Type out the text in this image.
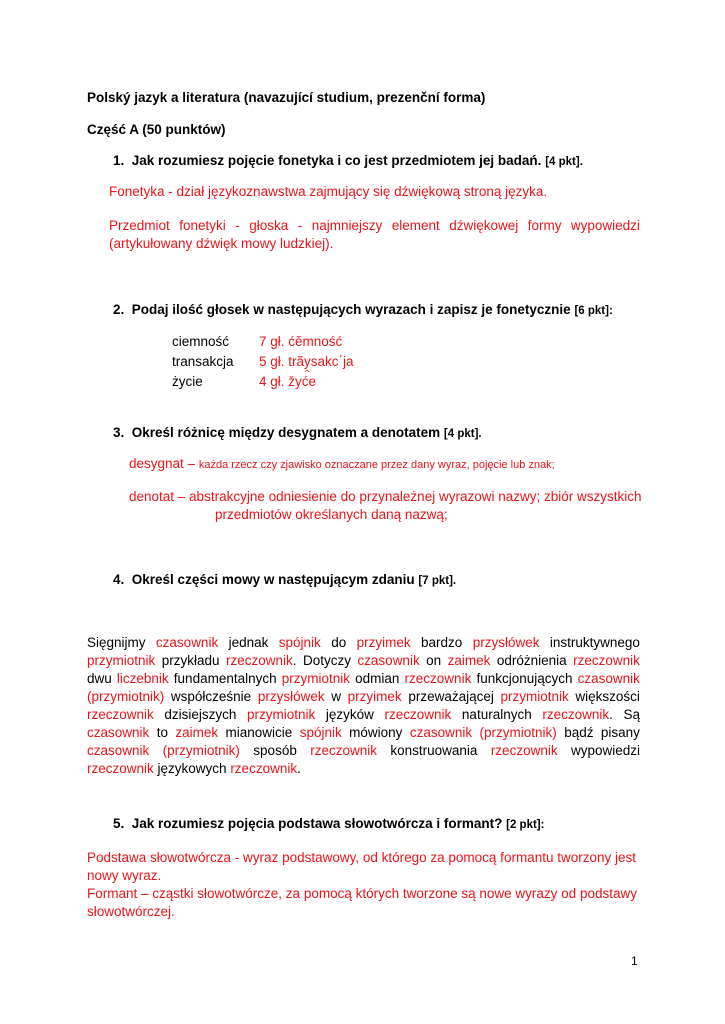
Polský jazyk a literatura (navazující studium, prezenční forma)
Część A (50 punktów)
1. Jak rozumiesz pojęcie fonetyka i co jest przedmiotem jej badań. [4 pkt].
Fonetyka - dział językoznawstwa zajmujący się dźwiękową stroną języka.
Przedmiot fonetyki - głoska - najmniejszy element dźwiękowej formy wypowiedzi
(artykułowany dźwięk mowy ludzkiej).
2. Podaj ilość głosek w następujących wyrazach i zapisz je fonetycznie [6 pkt]:
ciemność 7 gł. ćĕmność
transakcja 5 gł. trãy̯sakc΄ja
życie	4 gł. žyće
3. Określ różnicę między desygnatem a denotatem [4 pkt].
desygnat – każda rzecz czy zjawisko oznaczane przez dany wyraz, pojęcie lub znak;
denotat – abstrakcyjne odniesienie do przynależnej wyrazowi nazwy; zbiór wszystkich
przedmiotów określanych daną nazwą;
4. Określ części mowy w następującym zdaniu [7 pkt].
Sięgnijmy czasownik jednak spójnik do przyimek bardzo przysłówek instruktywnego
przymiotnik przykładu rzeczownik. Dotyczy czasownik on zaimek odróżnienia rzeczownik
dwu liczebnik fundamentalnych przymiotnik odmian rzeczownik funkcjonujących czasownik
(przymiotnik) współcześnie przysłówek w przyimek przeważającej przymiotnik większości
rzeczownik dzisiejszych przymiotnik języków rzeczownik naturalnych rzeczownik. Są
czasownik to zaimek mianowicie spójnik mówiony czasownik (przymiotnik) bądź pisany
czasownik (przymiotnik) sposób rzeczownik konstruowania rzeczownik wypowiedzi
rzeczownik językowych rzeczownik.
5. Jak rozumiesz pojęcia podstawa słowotwórcza i formant? [2 pkt]:
Podstawa słowotwórcza - wyraz podstawowy, od którego za pomocą formantu tworzony jest
nowy wyraz.
Formant – cząstki słowotwórcze, za pomocą których tworzone są nowe wyrazy od podstawy
słowotwórczej.
1
